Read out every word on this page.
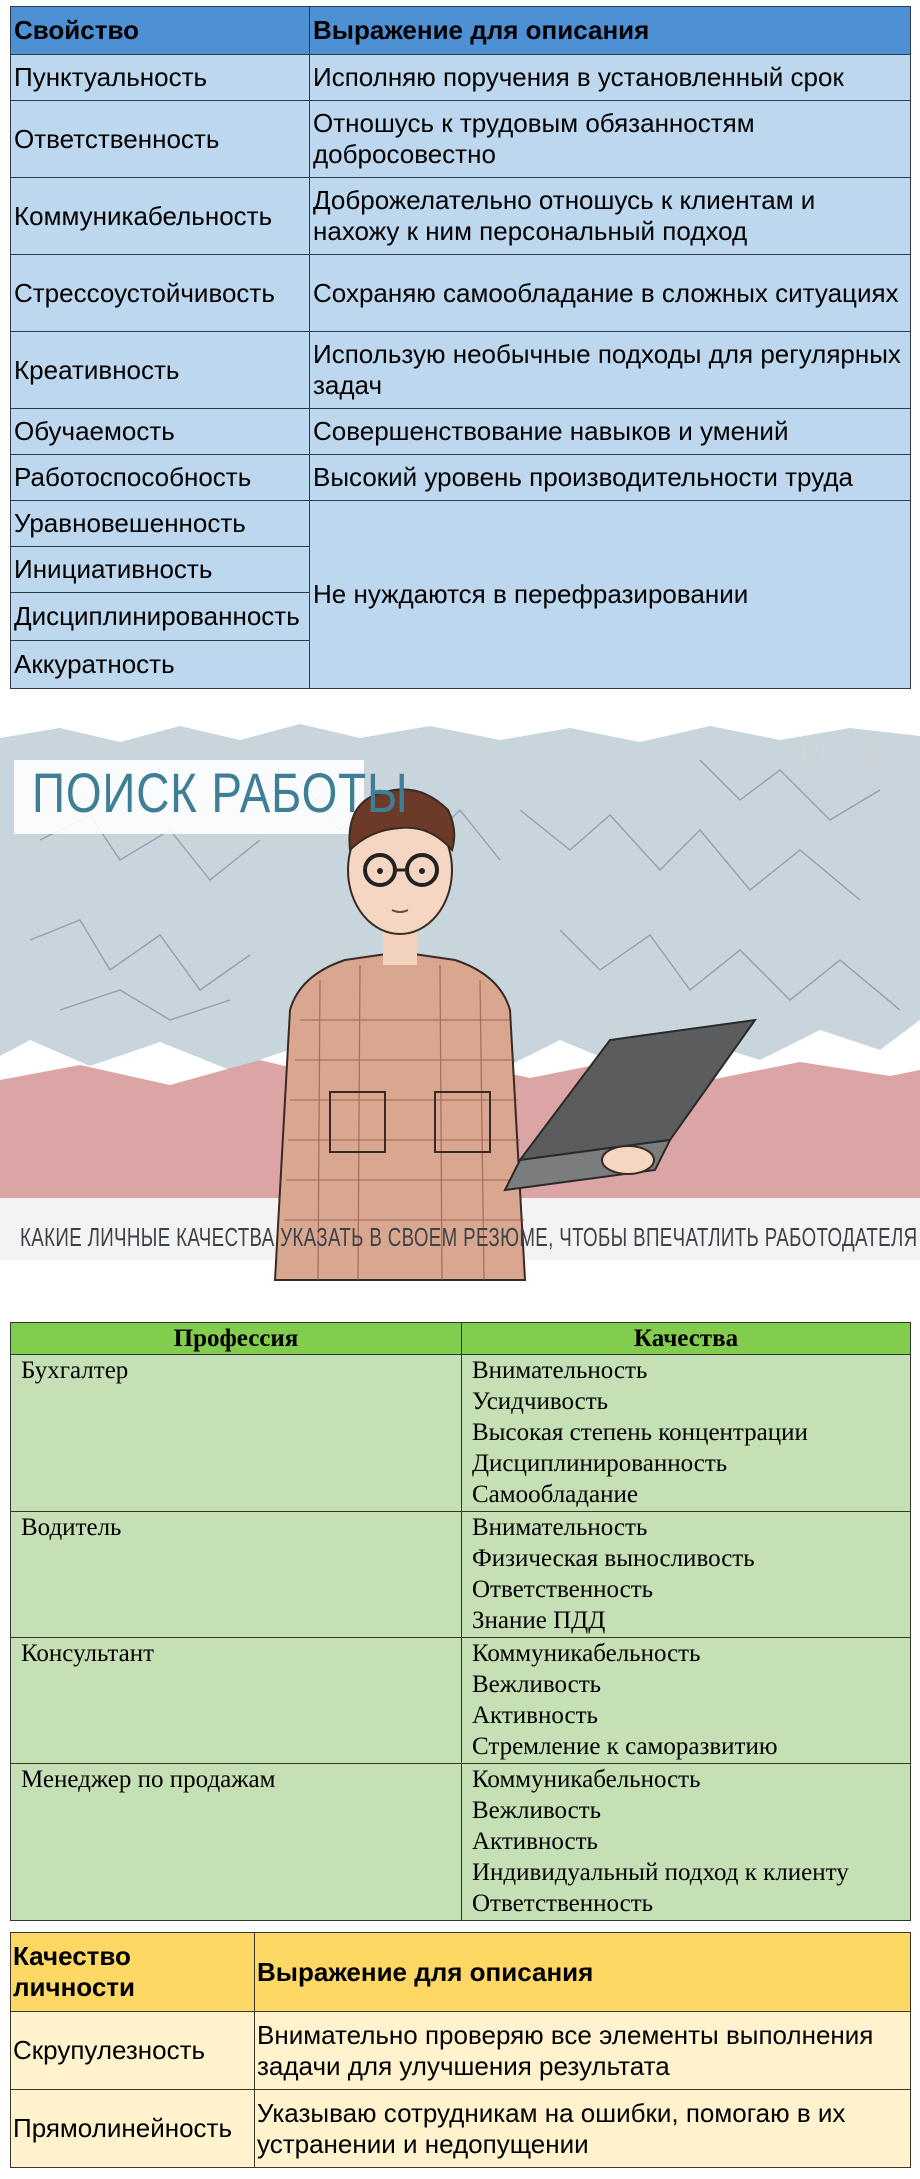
Свойство	Выражение для описания
Пунктуальность	Исполняю поручения в установленный срок
Ответственность	Отношусь к трудовым обязанностям добросовестно
Коммуникабельность	Доброжелательно отношусь к клиентам и нахожу к ним персональный подход
Стрессоустойчивость	Сохраняю самообладание в сложных ситуациях
Креативность	Использую необычные подходы для регулярных задач
Обучаемость	Совершенствование навыков и умений
Работоспособность	Высокий уровень производительности труда
Уравновешенность	Не нуждаются в перефразировании
Инициативность	
Дисциплинированность	
Аккуратность	
ПОИСК РАБОТЫ
PPT.RU
КАКИЕ ЛИЧНЫЕ КАЧЕСТВА УКАЗАТЬ В СВОЕМ РЕЗЮМЕ, ЧТОБЫ ВПЕЧАТЛИТЬ РАБОТОДАТЕЛЯ
Профессия	Качества
Бухгалтер	Внимательность
Усидчивость
Высокая степень концентрации
Дисциплинированность
Самообладание

Водитель	Внимательность
Физическая выносливость
Ответственность
Знание ПДД

Консультант	Коммуникабельность
Вежливость
Активность
Стремление к саморазвитию

Менеджер по продажам	Коммуникабельность
Вежливость
Активность
Индивидуальный подход к клиенту
Ответственность
Качество личности	Выражение для описания
Скрупулезность	Внимательно проверяю все элементы выполнения задачи для улучшения результата
Прямолинейность	Указываю сотрудникам на ошибки, помогаю в их устранении и недопущении
